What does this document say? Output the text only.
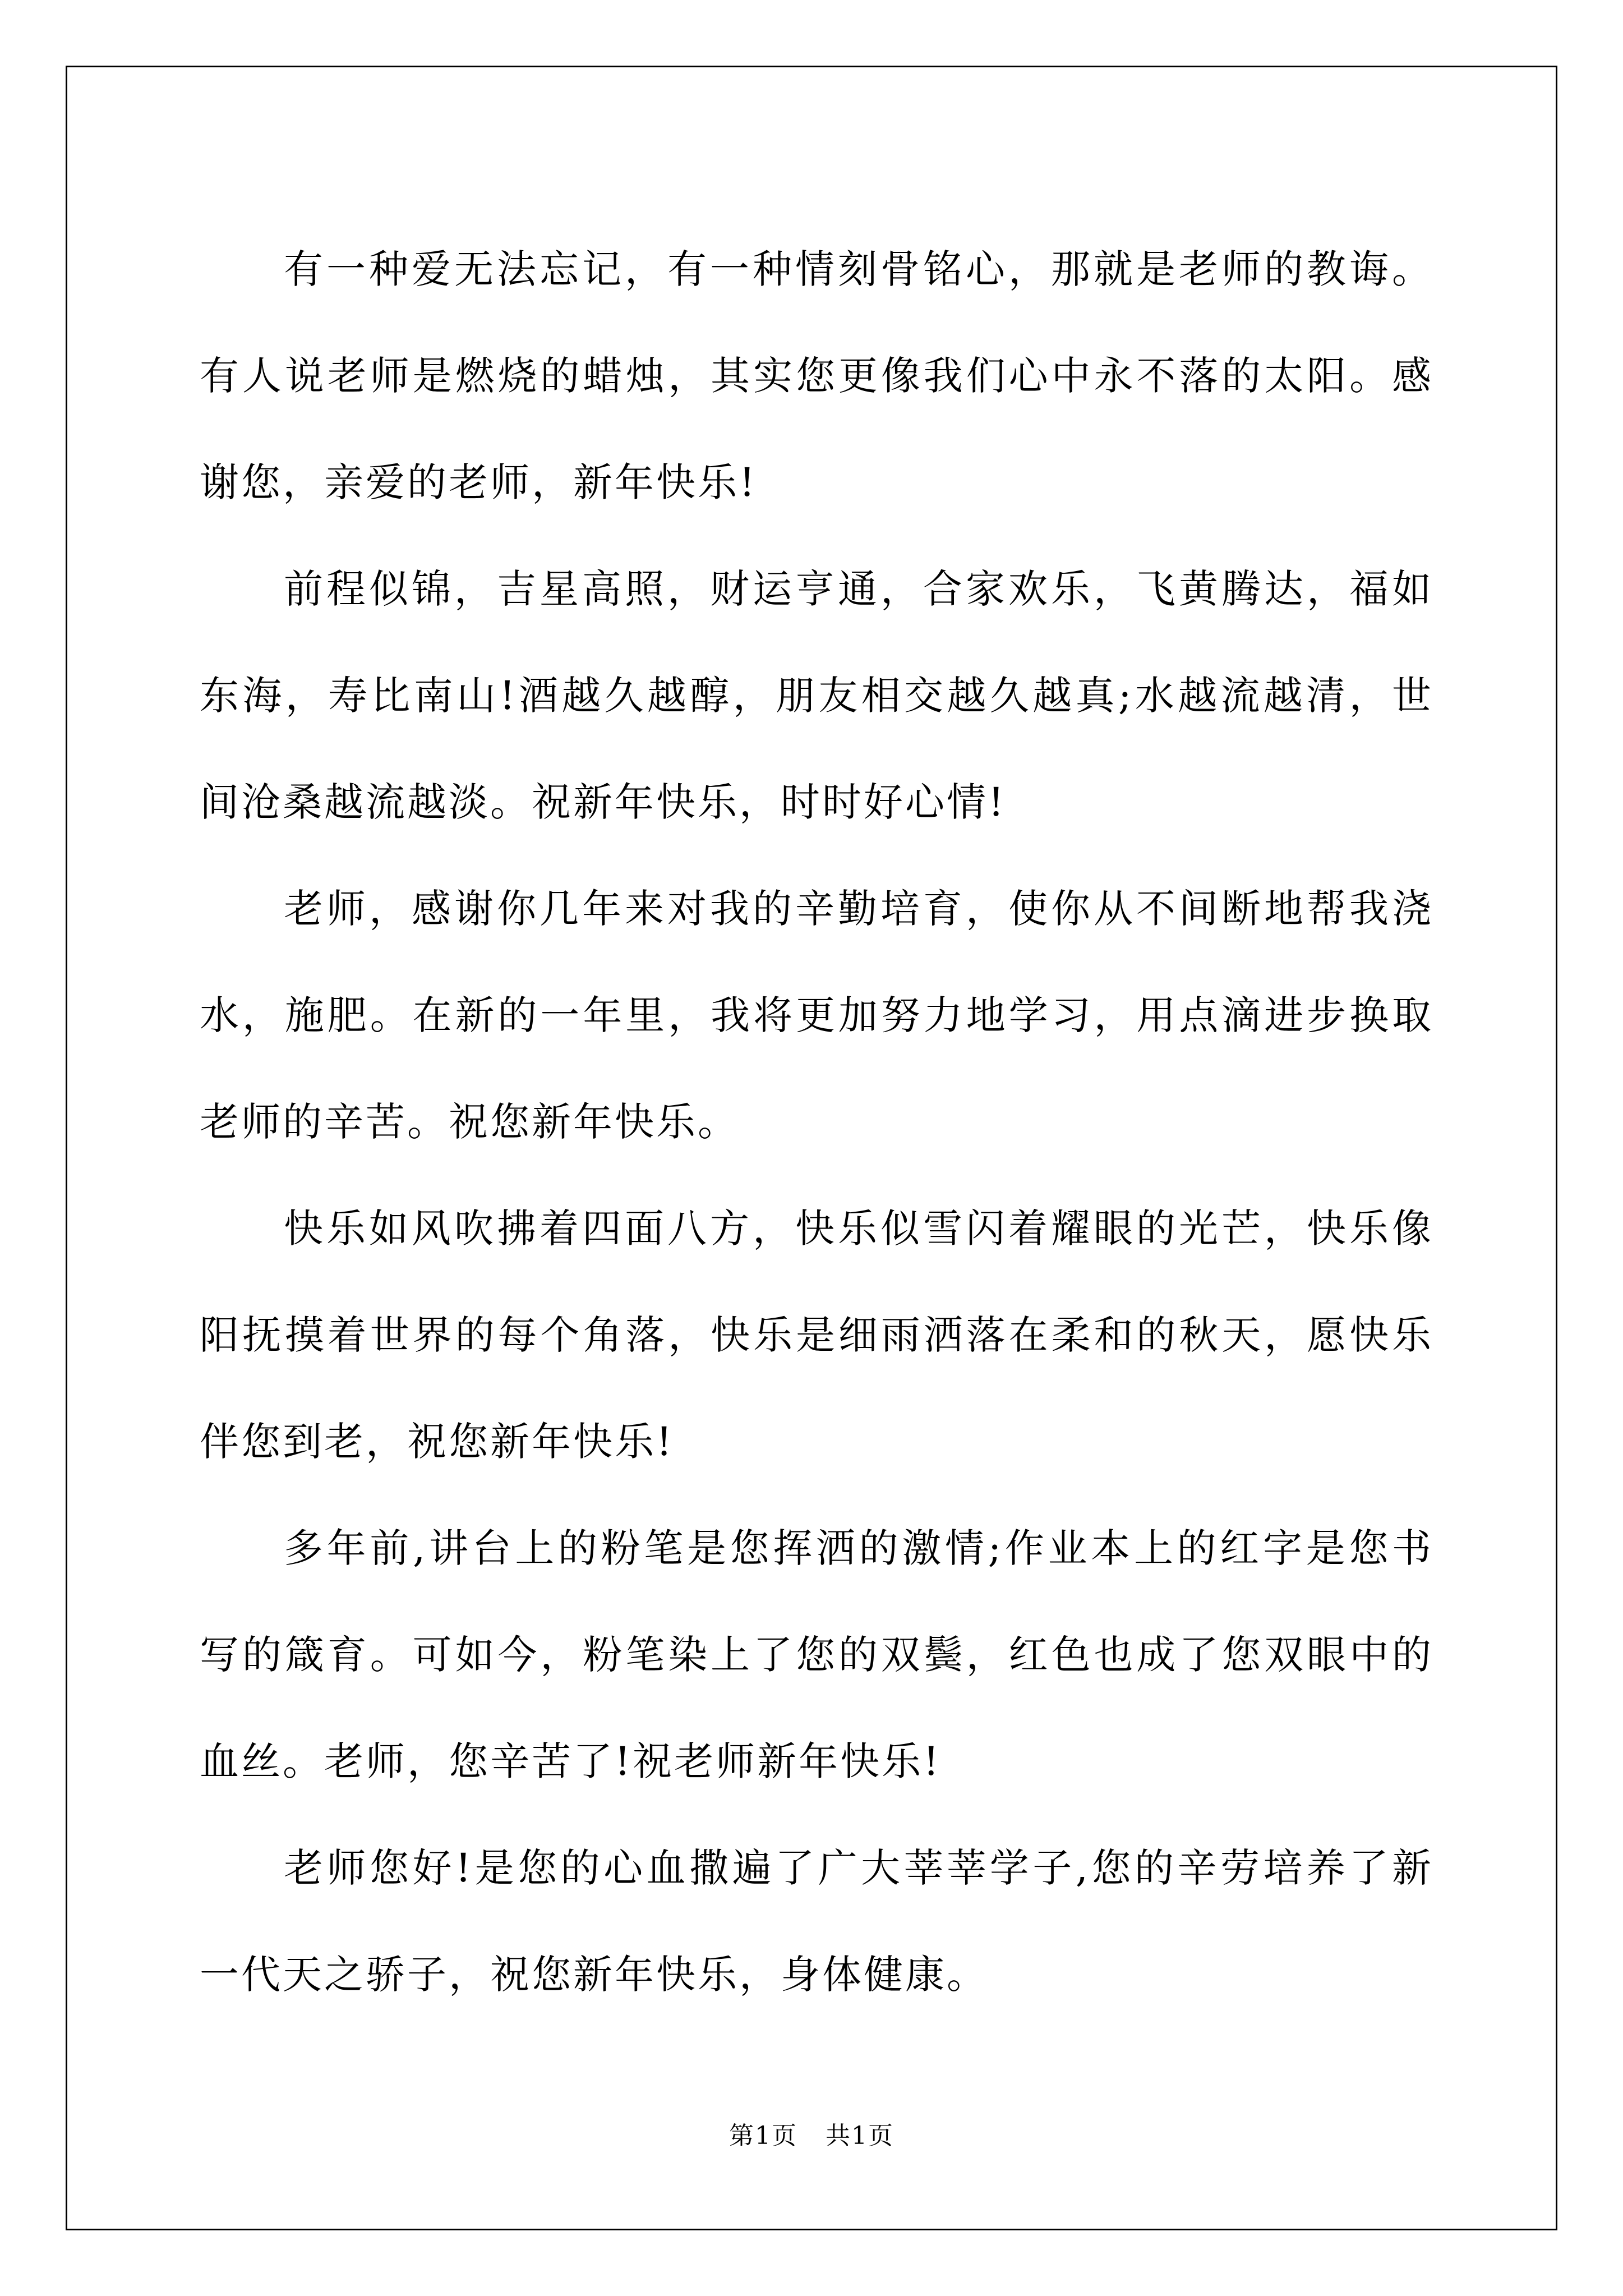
有一种爱无法忘记，有一种情刻骨铭心，那就是老师的教诲。有人说老师是燃烧的蜡烛，其实您更像我们心中永不落的太阳。感谢您，亲爱的老师，新年快乐!

前程似锦，吉星高照，财运亨通，合家欢乐，飞黄腾达，福如东海，寿比南山!酒越久越醇，朋友相交越久越真;水越流越清，世间沧桑越流越淡。祝新年快乐，时时好心情!

老师，感谢你几年来对我的辛勤培育，使你从不间断地帮我浇水，施肥。在新的一年里，我将更加努力地学习，用点滴进步换取老师的辛苦。祝您新年快乐。

快乐如风吹拂着四面八方，快乐似雪闪着耀眼的光芒，快乐像阳抚摸着世界的每个角落，快乐是细雨洒落在柔和的秋天，愿快乐伴您到老，祝您新年快乐!

多年前,讲台上的粉笔是您挥洒的激情;作业本上的红字是您书写的箴育。可如今，粉笔染上了您的双鬓，红色也成了您双眼中的血丝。老师，您辛苦了!祝老师新年快乐!

老师您好!是您的心血撒遍了广大莘莘学子,您的辛劳培养了新一代天之骄子，祝您新年快乐，身体健康。

第1页 共1页
